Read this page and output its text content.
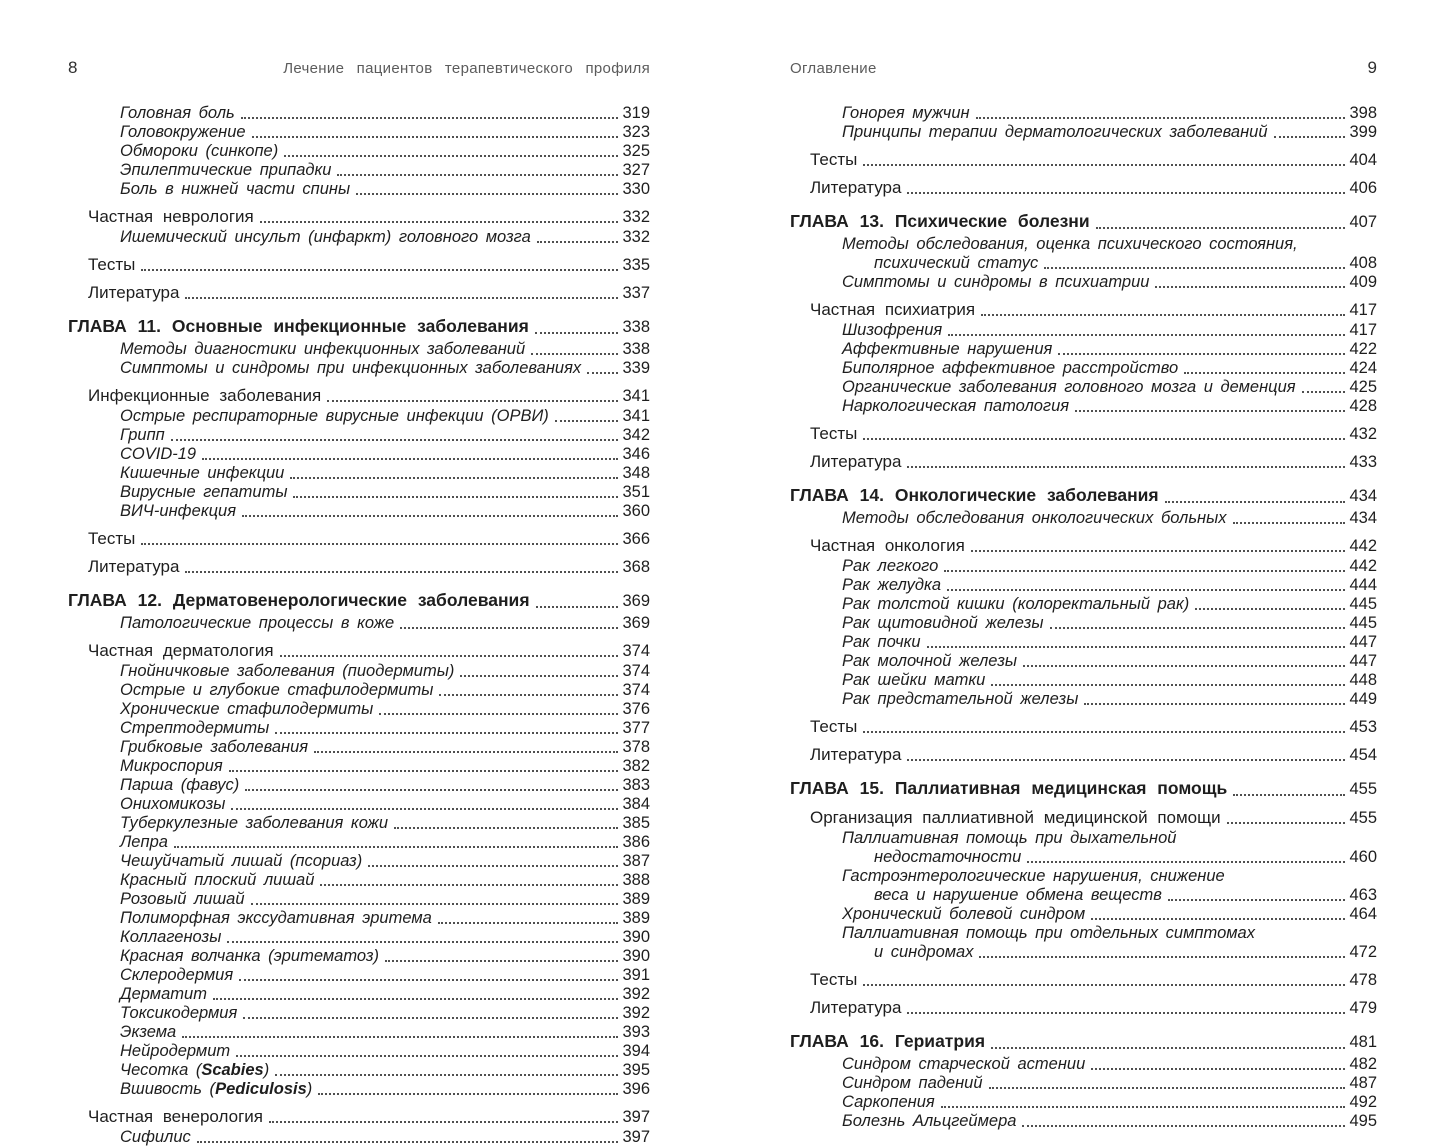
8	Лечение пациентов терапевтического профиля
Головная боль	319
Головокружение	323
Обмороки (синкопе)	325
Эпилептические припадки	327
Боль в нижней части спины	330
Частная неврология	332
Ишемический инсульт (инфаркт) головного мозга	332
Тесты	335
Литература	337
ГЛАВА 11. Основные инфекционные заболевания	338
Методы диагностики инфекционных заболеваний	338
Симптомы и синдромы при инфекционных заболеваниях	339
Инфекционные заболевания	341
Острые респираторные вирусные инфекции (ОРВИ)	341
Грипп	342
COVID-19	346
Кишечные инфекции	348
Вирусные гепатиты	351
ВИЧ-инфекция	360
Тесты	366
Литература	368
ГЛАВА 12. Дерматовенерологические заболевания	369
Патологические процессы в коже	369
Частная дерматология	374
Гнойничковые заболевания (пиодермиты)	374
Острые и глубокие стафилодермиты	374
Хронические стафилодермиты	376
Стрептодермиты	377
Грибковые заболевания	378
Микроспория	382
Парша (фавус)	383
Онихомикозы	384
Туберкулезные заболевания кожи	385
Лепра	386
Чешуйчатый лишай (псориаз)	387
Красный плоский лишай	388
Розовый лишай	389
Полиморфная экссудативная эритема	389
Коллагенозы	390
Красная волчанка (эритематоз)	390
Склеродермия	391
Дерматит	392
Токсикодермия	392
Экзема	393
Нейродермит	394
Чесотка (Scabies)	395
Вшивость (Pediculosis)	396
Частная венерология	397
Сифилис	397
Оглавление	9
Гонорея мужчин	398
Принципы терапии дерматологических заболеваний	399
Тесты	404
Литература	406
ГЛАВА 13. Психические болезни	407
Методы обследования, оценка психического состояния,
психический статус	408
Симптомы и синдромы в психиатрии	409
Частная психиатрия	417
Шизофрения	417
Аффективные нарушения	422
Биполярное аффективное расстройство	424
Органические заболевания головного мозга и деменция	425
Наркологическая патология	428
Тесты	432
Литература	433
ГЛАВА 14. Онкологические заболевания	434
Методы обследования онкологических больных	434
Частная онкология	442
Рак легкого	442
Рак желудка	444
Рак толстой кишки (колоректальный рак)	445
Рак щитовидной железы	445
Рак почки	447
Рак молочной железы	447
Рак шейки матки	448
Рак предстательной железы	449
Тесты	453
Литература	454
ГЛАВА 15. Паллиативная медицинская помощь	455
Организация паллиативной медицинской помощи	455
Паллиативная помощь при дыхательной
недостаточности	460
Гастроэнтерологические нарушения, снижение
веса и нарушение обмена веществ	463
Хронический болевой синдром	464
Паллиативная помощь при отдельных симптомах
и синдромах	472
Тесты	478
Литература	479
ГЛАВА 16. Гериатрия	481
Синдром старческой астении	482
Синдром падений	487
Саркопения	492
Болезнь Альцгеймера	495
